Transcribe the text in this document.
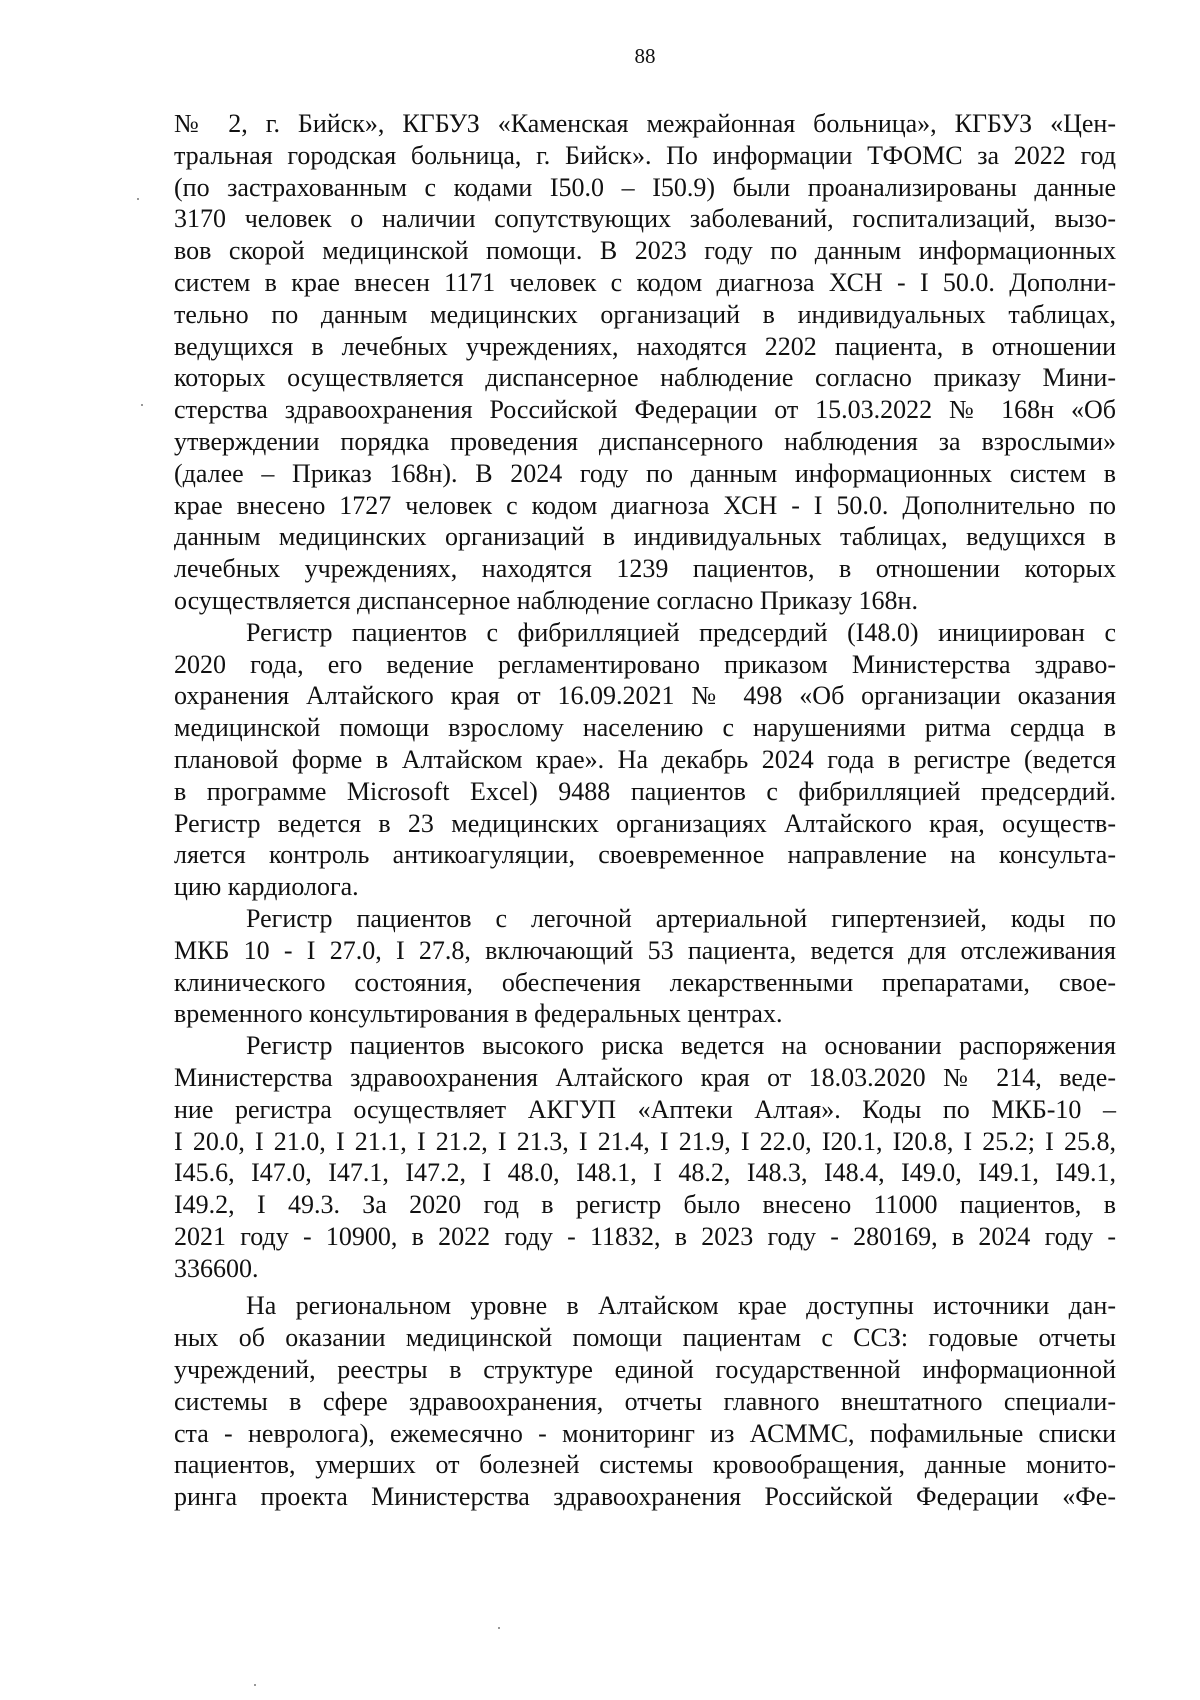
88
№ 2, г. Бийск», КГБУЗ «Каменская межрайонная больница», КГБУЗ «Цен-
тральная городская больница, г. Бийск». По информации ТФОМС за 2022 год
(по застрахованным с кодами I50.0 – I50.9) были проанализированы данные
3170 человек о наличии сопутствующих заболеваний, госпитализаций, вызо-
вов скорой медицинской помощи. В 2023 году по данным информационных
систем в крае внесен 1171 человек с кодом диагноза ХСН - I 50.0. Дополни-
тельно по данным медицинских организаций в индивидуальных таблицах,
ведущихся в лечебных учреждениях, находятся 2202 пациента, в отношении
которых осуществляется диспансерное наблюдение согласно приказу Мини-
стерства здравоохранения Российской Федерации от 15.03.2022 № 168н «Об
утверждении порядка проведения диспансерного наблюдения за взрослыми»
(далее – Приказ 168н). В 2024 году по данным информационных систем в
крае внесено 1727 человек с кодом диагноза ХСН - I 50.0. Дополнительно по
данным медицинских организаций в индивидуальных таблицах, ведущихся в
лечебных учреждениях, находятся 1239 пациентов, в отношении которых
осуществляется диспансерное наблюдение согласно Приказу 168н.
Регистр пациентов с фибрилляцией предсердий (I48.0) инициирован с
2020 года, его ведение регламентировано приказом Министерства здраво-
охранения Алтайского края от 16.09.2021 № 498 «Об организации оказания
медицинской помощи взрослому населению с нарушениями ритма сердца в
плановой форме в Алтайском крае». На декабрь 2024 года в регистре (ведется
в программе Microsoft Excel) 9488 пациентов с фибрилляцией предсердий.
Регистр ведется в 23 медицинских организациях Алтайского края, осуществ-
ляется контроль антикоагуляции, своевременное направление на консульта-
цию кардиолога.
Регистр пациентов с легочной артериальной гипертензией, коды по
МКБ 10 - I 27.0, I 27.8, включающий 53 пациента, ведется для отслеживания
клинического состояния, обеспечения лекарственными препаратами, свое-
временного консультирования в федеральных центрах.
Регистр пациентов высокого риска ведется на основании распоряжения
Министерства здравоохранения Алтайского края от 18.03.2020 № 214, веде-
ние регистра осуществляет АКГУП «Аптеки Алтая». Коды по МКБ-10 –
I 20.0, I 21.0, I 21.1, I 21.2, I 21.3, I 21.4, I 21.9, I 22.0, I20.1, I20.8, I 25.2; I 25.8,
I45.6, I47.0, I47.1, I47.2, I 48.0, I48.1, I 48.2, I48.3, I48.4, I49.0, I49.1, I49.1,
I49.2, I 49.3. За 2020 год в регистр было внесено 11000 пациентов, в
2021 году - 10900, в 2022 году - 11832, в 2023 году - 280169, в 2024 году -
336600.
На региональном уровне в Алтайском крае доступны источники дан-
ных об оказании медицинской помощи пациентам с ССЗ: годовые отчеты
учреждений, реестры в структуре единой государственной информационной
системы в сфере здравоохранения, отчеты главного внештатного специали-
ста - невролога), ежемесячно - мониторинг из АСММС, пофамильные списки
пациентов, умерших от болезней системы кровообращения, данные монито-
ринга проекта Министерства здравоохранения Российской Федерации «Фе-
